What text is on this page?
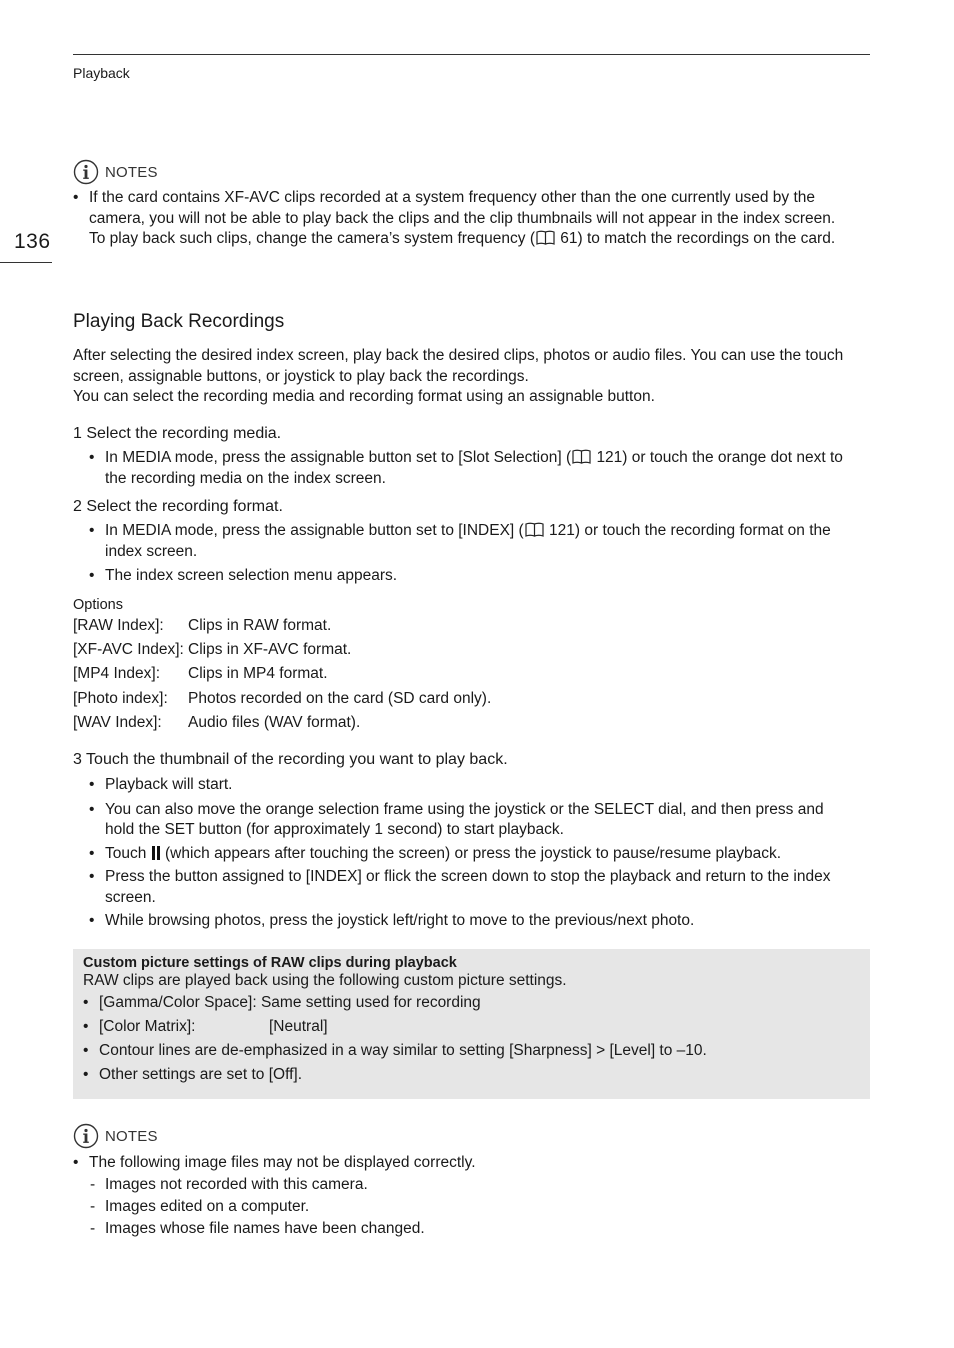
Playback
136
NOTES
• If the card contains XF-AVC clips recorded at a system frequency other than the one currently used by the
camera, you will not be able to play back the clips and the clip thumbnails will not appear in the index screen.
To play back such clips, change the camera’s system frequency ( 61) to match the recordings on the card.
Playing Back Recordings
After selecting the desired index screen, play back the desired clips, photos or audio files. You can use the touch
screen, assignable buttons, or joystick to play back the recordings.
You can select the recording media and recording format using an assignable button.
1 Select the recording media.
• In MEDIA mode, press the assignable button set to [Slot Selection] ( 121) or touch the orange dot next to
the recording media on the index screen.
2 Select the recording format.
• In MEDIA mode, press the assignable button set to [INDEX] ( 121) or touch the recording format on the
index screen.
• The index screen selection menu appears.
Options
[RAW Index]:	Clips in RAW format.
[XF-AVC Index]: Clips in XF-AVC format.
[MP4 Index]:	Clips in MP4 format.
[Photo index]:	Photos recorded on the card (SD card only).
[WAV Index]:	Audio files (WAV format).
3 Touch the thumbnail of the recording you want to play back.
• Playback will start.
• You can also move the orange selection frame using the joystick or the SELECT dial, and then press and
hold the SET button (for approximately 1 second) to start playback.
• Touch (which appears after touching the screen) or press the joystick to pause/resume playback.
• Press the button assigned to [INDEX] or flick the screen down to stop the playback and return to the index
screen.
• While browsing photos, press the joystick left/right to move to the previous/next photo.
Custom picture settings of RAW clips during playback
RAW clips are played back using the following custom picture settings.
• [Gamma/Color Space]: Same setting used for recording
• [Color Matrix]:	[Neutral]
• Contour lines are de-emphasized in a way similar to setting [Sharpness] > [Level] to –10.
• Other settings are set to [Off].
NOTES
• The following image files may not be displayed correctly.
- Images not recorded with this camera.
- Images edited on a computer.
- Images whose file names have been changed.
